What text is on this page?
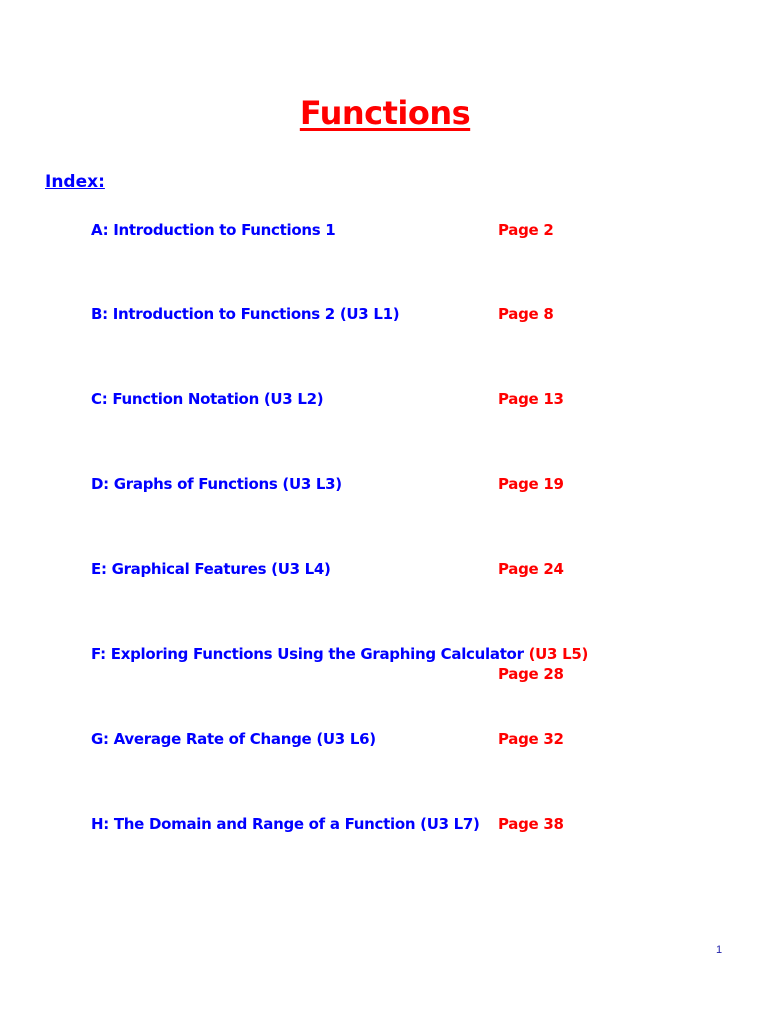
Functions
Index:
A: Introduction to Functions 1	Page 2
B: Introduction to Functions 2 (U3 L1)	Page 8
C: Function Notation (U3 L2)	Page 13
D: Graphs of Functions (U3 L3)	Page 19
E: Graphical Features (U3 L4)	Page 24
F: Exploring Functions Using the Graphing Calculator (U3 L5)
Page 28
G: Average Rate of Change (U3 L6)	Page 32
H: The Domain and Range of a Function (U3 L7) Page 38
1
